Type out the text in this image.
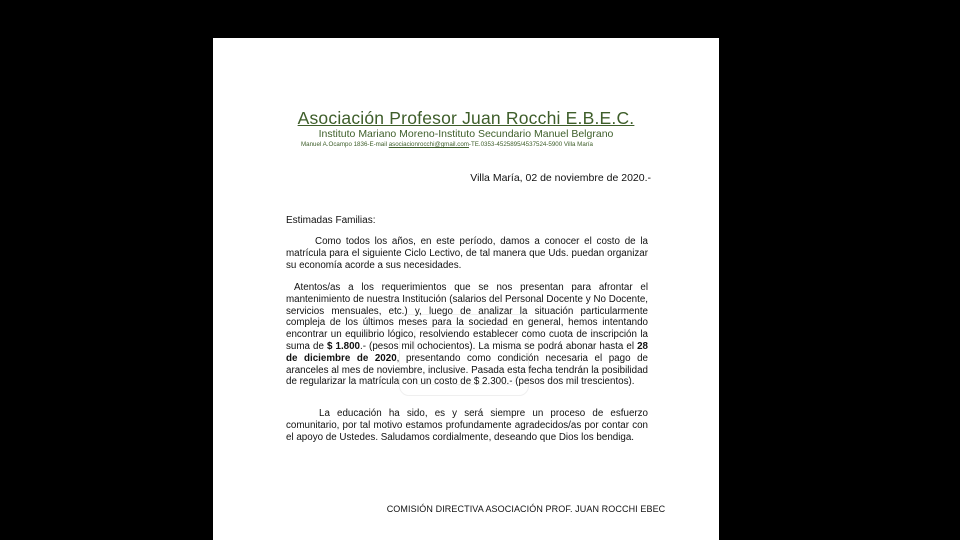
Asociación Profesor Juan Rocchi E.B.E.C.
Instituto Mariano Moreno-Instituto Secundario Manuel Belgrano
Manuel A.Ocampo 1836-E-mail asociacionrocchi@gmail.com-TE.0353-4525895/4537524-5900 Villa María
Villa María, 02 de noviembre de 2020.-
Estimadas Familias:
Como todos los años, en este período, damos a conocer el costo de la matrícula para el siguiente Ciclo Lectivo, de tal manera que Uds. puedan organizar su economía acorde a sus necesidades.
Atentos/as a los requerimientos que se nos presentan para afrontar el mantenimiento de nuestra Institución (salarios del Personal Docente y No Docente, servicios mensuales, etc.) y, luego de analizar la situación particularmente compleja de los últimos meses para la sociedad en general, hemos intentando encontrar un equilibrio lógico, resolviendo establecer como cuota de inscripción la suma de $ 1.800.- (pesos mil ochocientos). La misma se podrá abonar hasta el 28 de diciembre de 2020, presentando como condición necesaria el pago de aranceles al mes de noviembre, inclusive. Pasada esta fecha tendrán la posibilidad de regularizar la matrícula con un costo de $ 2.300.- (pesos dos mil trescientos).
La educación ha sido, es y será siempre un proceso de esfuerzo comunitario, por tal motivo estamos profundamente agradecidos/as por contar con el apoyo de Ustedes. Saludamos cordialmente, deseando que Dios los bendiga.
COMISIÓN DIRECTIVA ASOCIACIÓN PROF. JUAN ROCCHI EBEC
